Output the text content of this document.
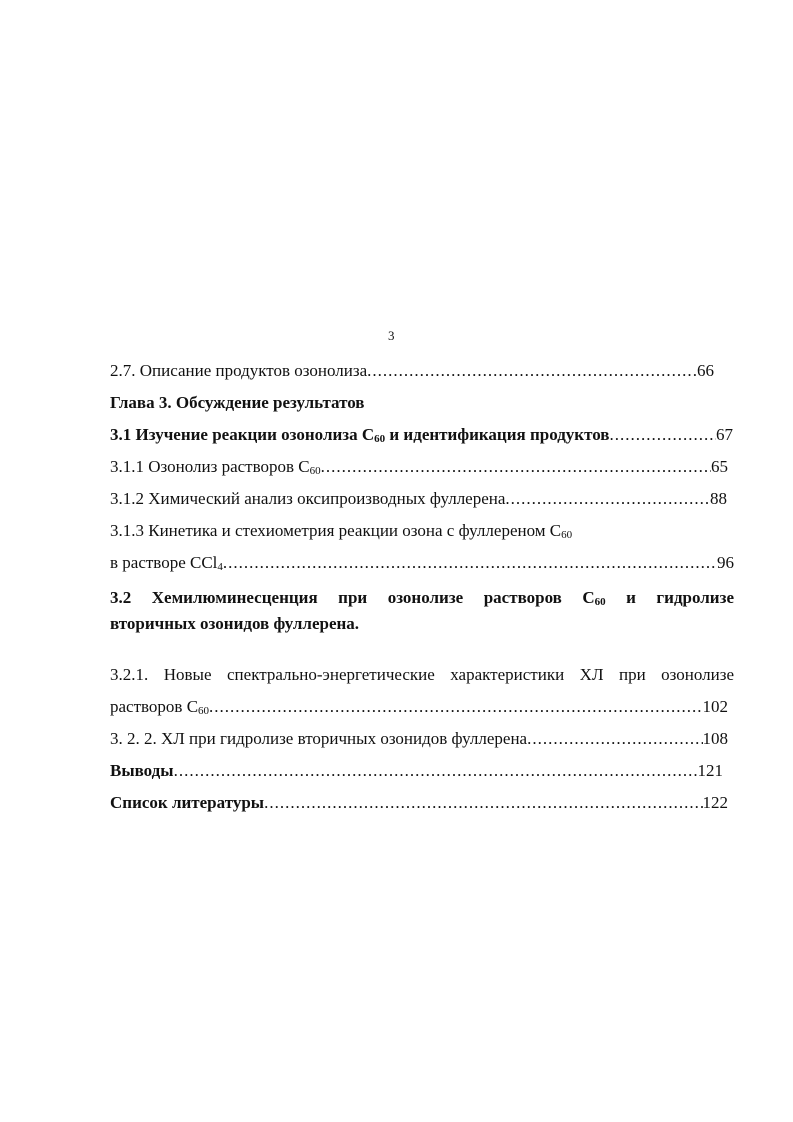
3
2.7. Описание продуктов озонолиза .....	.66
Глава 3. Обсуждение результатов
3.1 Изучение реакции озонолиза $С_{60}$ и идентификация продуктов .....	67
3.1.1 Озонолиз растворов $С_{60}$ .....	65
3.1.2 Химический анализ оксипроизводных фуллерена .....	88
3.1.3 Кинетика и стехиометрия реакции озона с фуллереном $С_{60}$
в растворе CCl$_4$ .....	96
3.2 Хемилюминесценция при озонолизе растворов $С_{60}$ и гидролизе
вторичных озонидов фуллерена.
3.2.1. Новые спектрально-энергетические характеристики ХЛ при озонолизе
растворов $С_{60}$ .....	102
3. 2. 2. ХЛ при гидролизе вторичных озонидов фуллерена .....	108
Выводы .....	121
Список литературы .....	122
